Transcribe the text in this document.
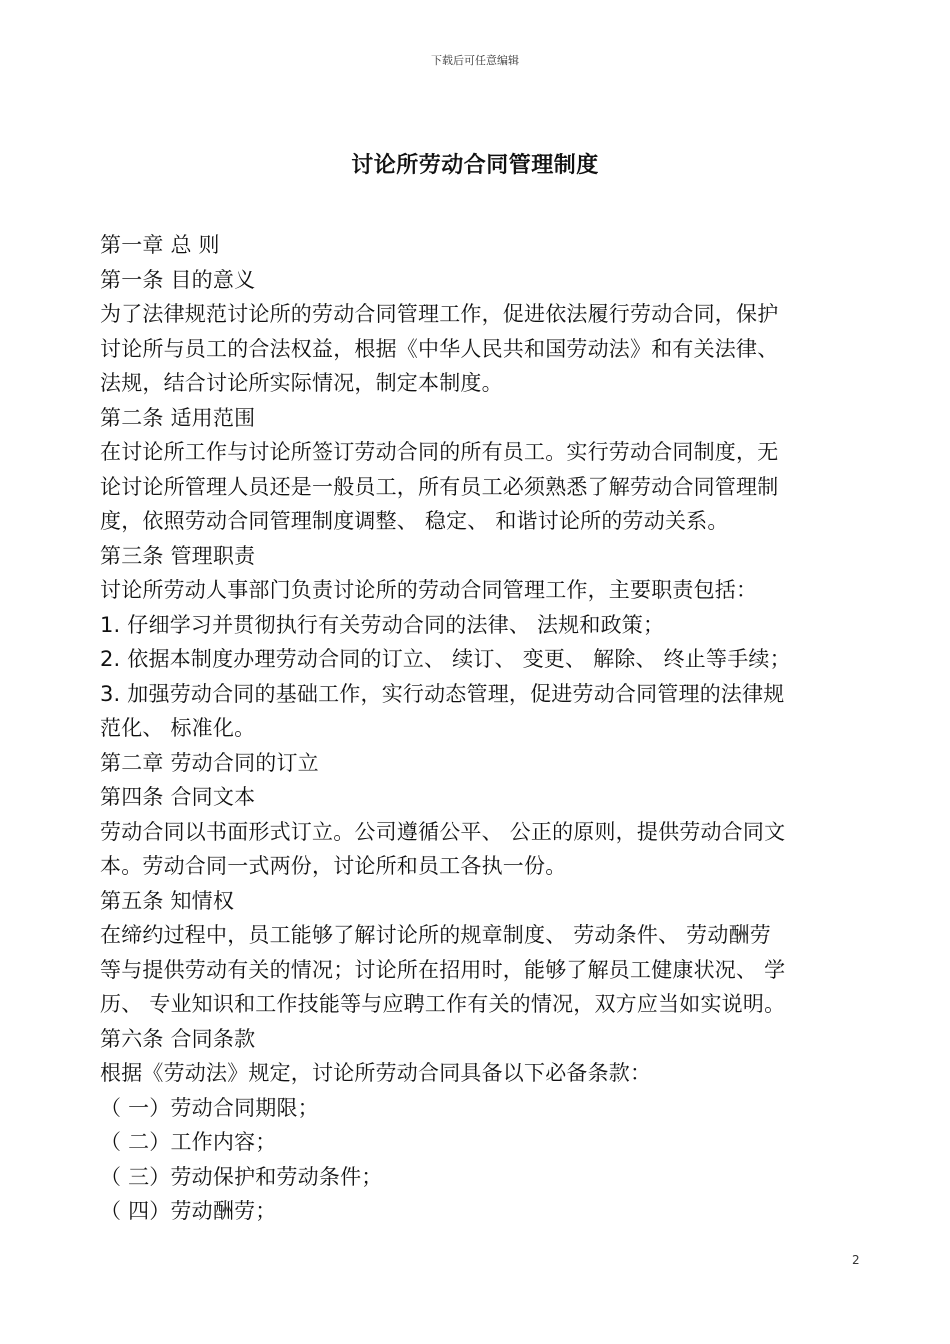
下载后可任意编辑
讨论所劳动合同管理制度
第一章 总 则
第一条 目的意义
为了法律规范讨论所的劳动合同管理工作，促进依法履行劳动合同，保护
讨论所与员工的合法权益，根据《中华人民共和国劳动法》和有关法律、
法规，结合讨论所实际情况，制定本制度。
第二条 适用范围
在讨论所工作与讨论所签订劳动合同的所有员工。实行劳动合同制度，无
论讨论所管理人员还是一般员工，所有员工必须熟悉了解劳动合同管理制
度，依照劳动合同管理制度调整、 稳定、 和谐讨论所的劳动关系。
第三条 管理职责
讨论所劳动人事部门负责讨论所的劳动合同管理工作，主要职责包括：
1. 仔细学习并贯彻执行有关劳动合同的法律、 法规和政策；
2. 依据本制度办理劳动合同的订立、 续订、 变更、 解除、 终止等手续；
3. 加强劳动合同的基础工作，实行动态管理，促进劳动合同管理的法律规
范化、 标准化。
第二章 劳动合同的订立
第四条 合同文本
劳动合同以书面形式订立。公司遵循公平、 公正的原则，提供劳动合同文
本。劳动合同一式两份，讨论所和员工各执一份。
第五条 知情权
在缔约过程中，员工能够了解讨论所的规章制度、 劳动条件、 劳动酬劳
等与提供劳动有关的情况；讨论所在招用时，能够了解员工健康状况、 学
历、 专业知识和工作技能等与应聘工作有关的情况，双方应当如实说明。
第六条 合同条款
根据《劳动法》规定，讨论所劳动合同具备以下必备条款：
（ 一）劳动合同期限；
（ 二）工作内容；
（ 三）劳动保护和劳动条件；
（ 四）劳动酬劳；
2
